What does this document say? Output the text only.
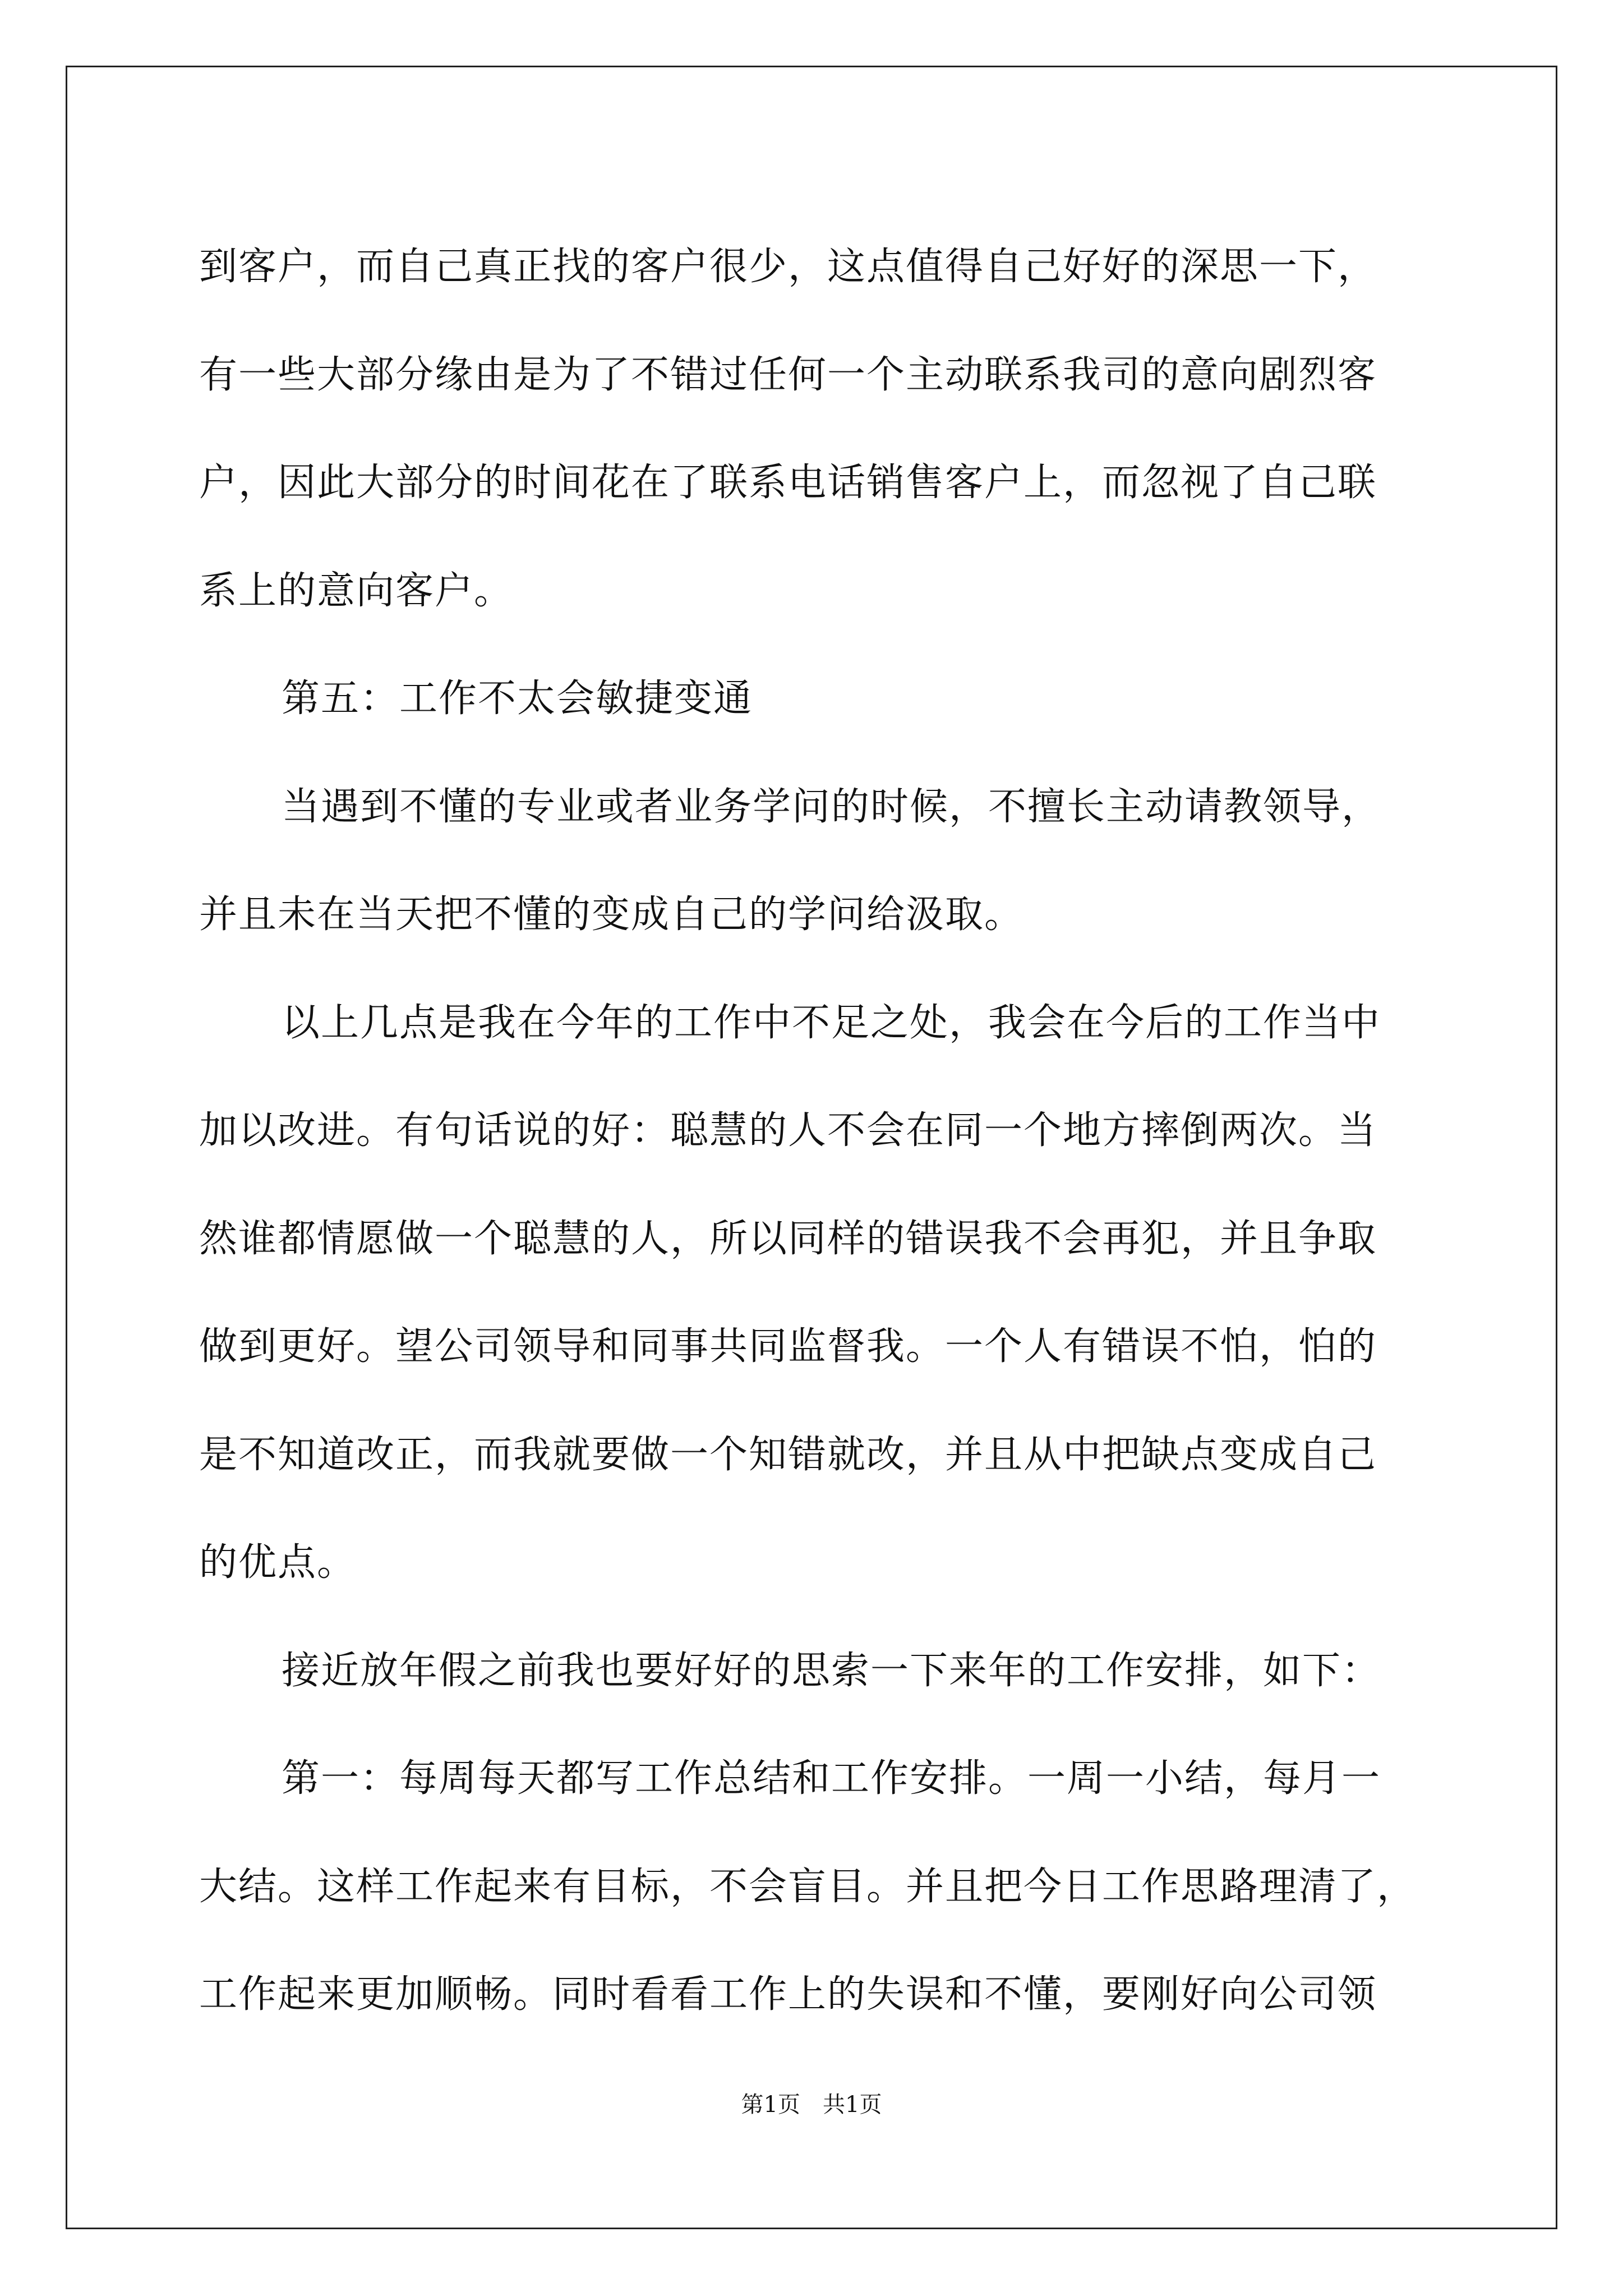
到客户，而自己真正找的客户很少，这点值得自己好好的深思一下，
有一些大部分缘由是为了不错过任何一个主动联系我司的意向剧烈客
户，因此大部分的时间花在了联系电话销售客户上，而忽视了自己联
系上的意向客户。
第五：工作不太会敏捷变通
当遇到不懂的专业或者业务学问的时候，不擅长主动请教领导，
并且未在当天把不懂的变成自己的学问给汲取。
以上几点是我在今年的工作中不足之处，我会在今后的工作当中
加以改进。有句话说的好：聪慧的人不会在同一个地方摔倒两次。当
然谁都情愿做一个聪慧的人，所以同样的错误我不会再犯，并且争取
做到更好。望公司领导和同事共同监督我。一个人有错误不怕，怕的
是不知道改正，而我就要做一个知错就改，并且从中把缺点变成自己
的优点。
接近放年假之前我也要好好的思索一下来年的工作安排，如下：
第一：每周每天都写工作总结和工作安排。一周一小结，每月一
大结。这样工作起来有目标，不会盲目。并且把今日工作思路理清了，
工作起来更加顺畅。同时看看工作上的失误和不懂，要刚好向公司领
第1页 共1页
